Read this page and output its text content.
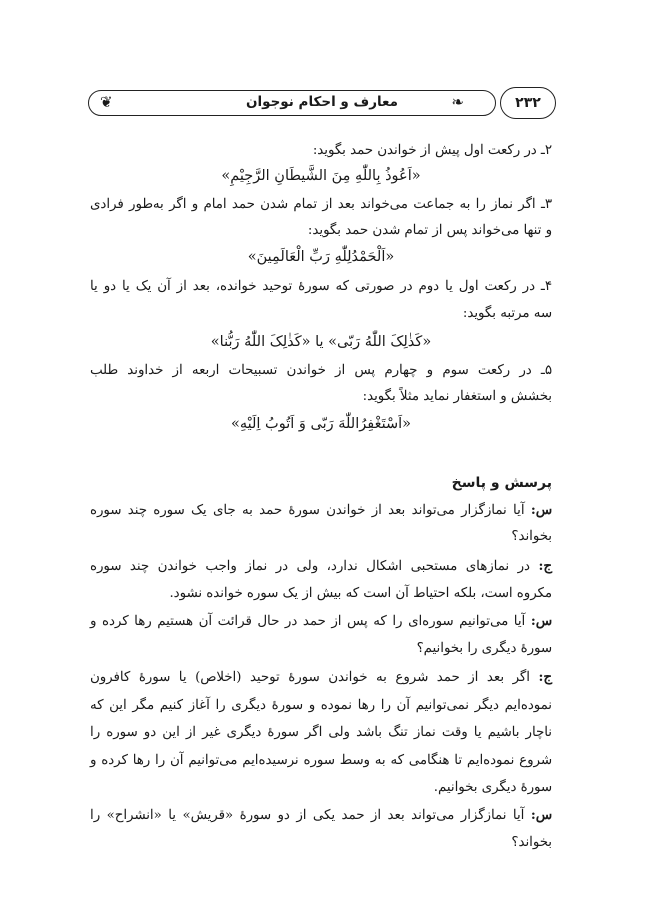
❦	معارف و احکام نوجوان	❧	۲۳۲
۲ـ در رکعت اول پیش از خواندن حمد بگوید:
«اَعُوذُ بِاللّٰهِ مِنَ الشَّیطَانِ الرَّجِیْمِ»
۳ـ اگر نماز را به جماعت می‌خواند بعد از تمام شدن حمد امام و اگر به‌طور فرادی
و تنها می‌خواند پس از تمام شدن حمد بگوید:
«اَلْحَمْدُلِلّٰهِ رَبِّ الْعَالَمِینَ»
۴ـ در رکعت اول یا دوم در صورتی که سورهٔ توحید خوانده، بعد از آن یک یا دو یا
سه مرتبه بگوید:
«کَذٰلِکَ اللّٰهُ رَبّی» یا «کَذٰلِکَ اللّٰهُ رَبُّنا»
۵ـ در رکعت سوم و چهارم پس از خواندن تسبیحات اربعه از خداوند طلب
بخشش و استغفار نماید مثلاً بگوید:
«اَسْتَغْفِرُاللّٰهَ رَبّی وَ اَتُوبُ اِلَیْهِ»
پرسش و پاسخ
س: آیا نمازگزار می‌تواند بعد از خواندن سورهٔ حمد به جای یک سوره چند سوره
بخواند؟
ج: در نمازهای مستحبی اشکال ندارد، ولی در نماز واجب خواندن چند سوره
مکروه است، بلکه احتیاط آن است که بیش از یک سوره خوانده نشود.
س: آیا می‌توانیم سوره‌ای را که پس از حمد در حال قرائت آن هستیم رها کرده و
سورهٔ دیگری را بخوانیم؟
ج: اگر بعد از حمد شروع به خواندن سورهٔ توحید (اخلاص) یا سورهٔ کافرون
نموده‌ایم دیگر نمی‌توانیم آن را رها نموده و سورهٔ دیگری را آغاز کنیم مگر این که
ناچار باشیم یا وقت نماز تنگ باشد ولی اگر سورهٔ دیگری غیر از این دو سوره را
شروع نموده‌ایم تا هنگامی که به وسط سوره نرسیده‌ایم می‌توانیم آن را رها کرده و
سورهٔ دیگری بخوانیم.
س: آیا نمازگزار می‌تواند بعد از حمد یکی از دو سورهٔ «قریش» یا «انشراح» را
بخواند؟
